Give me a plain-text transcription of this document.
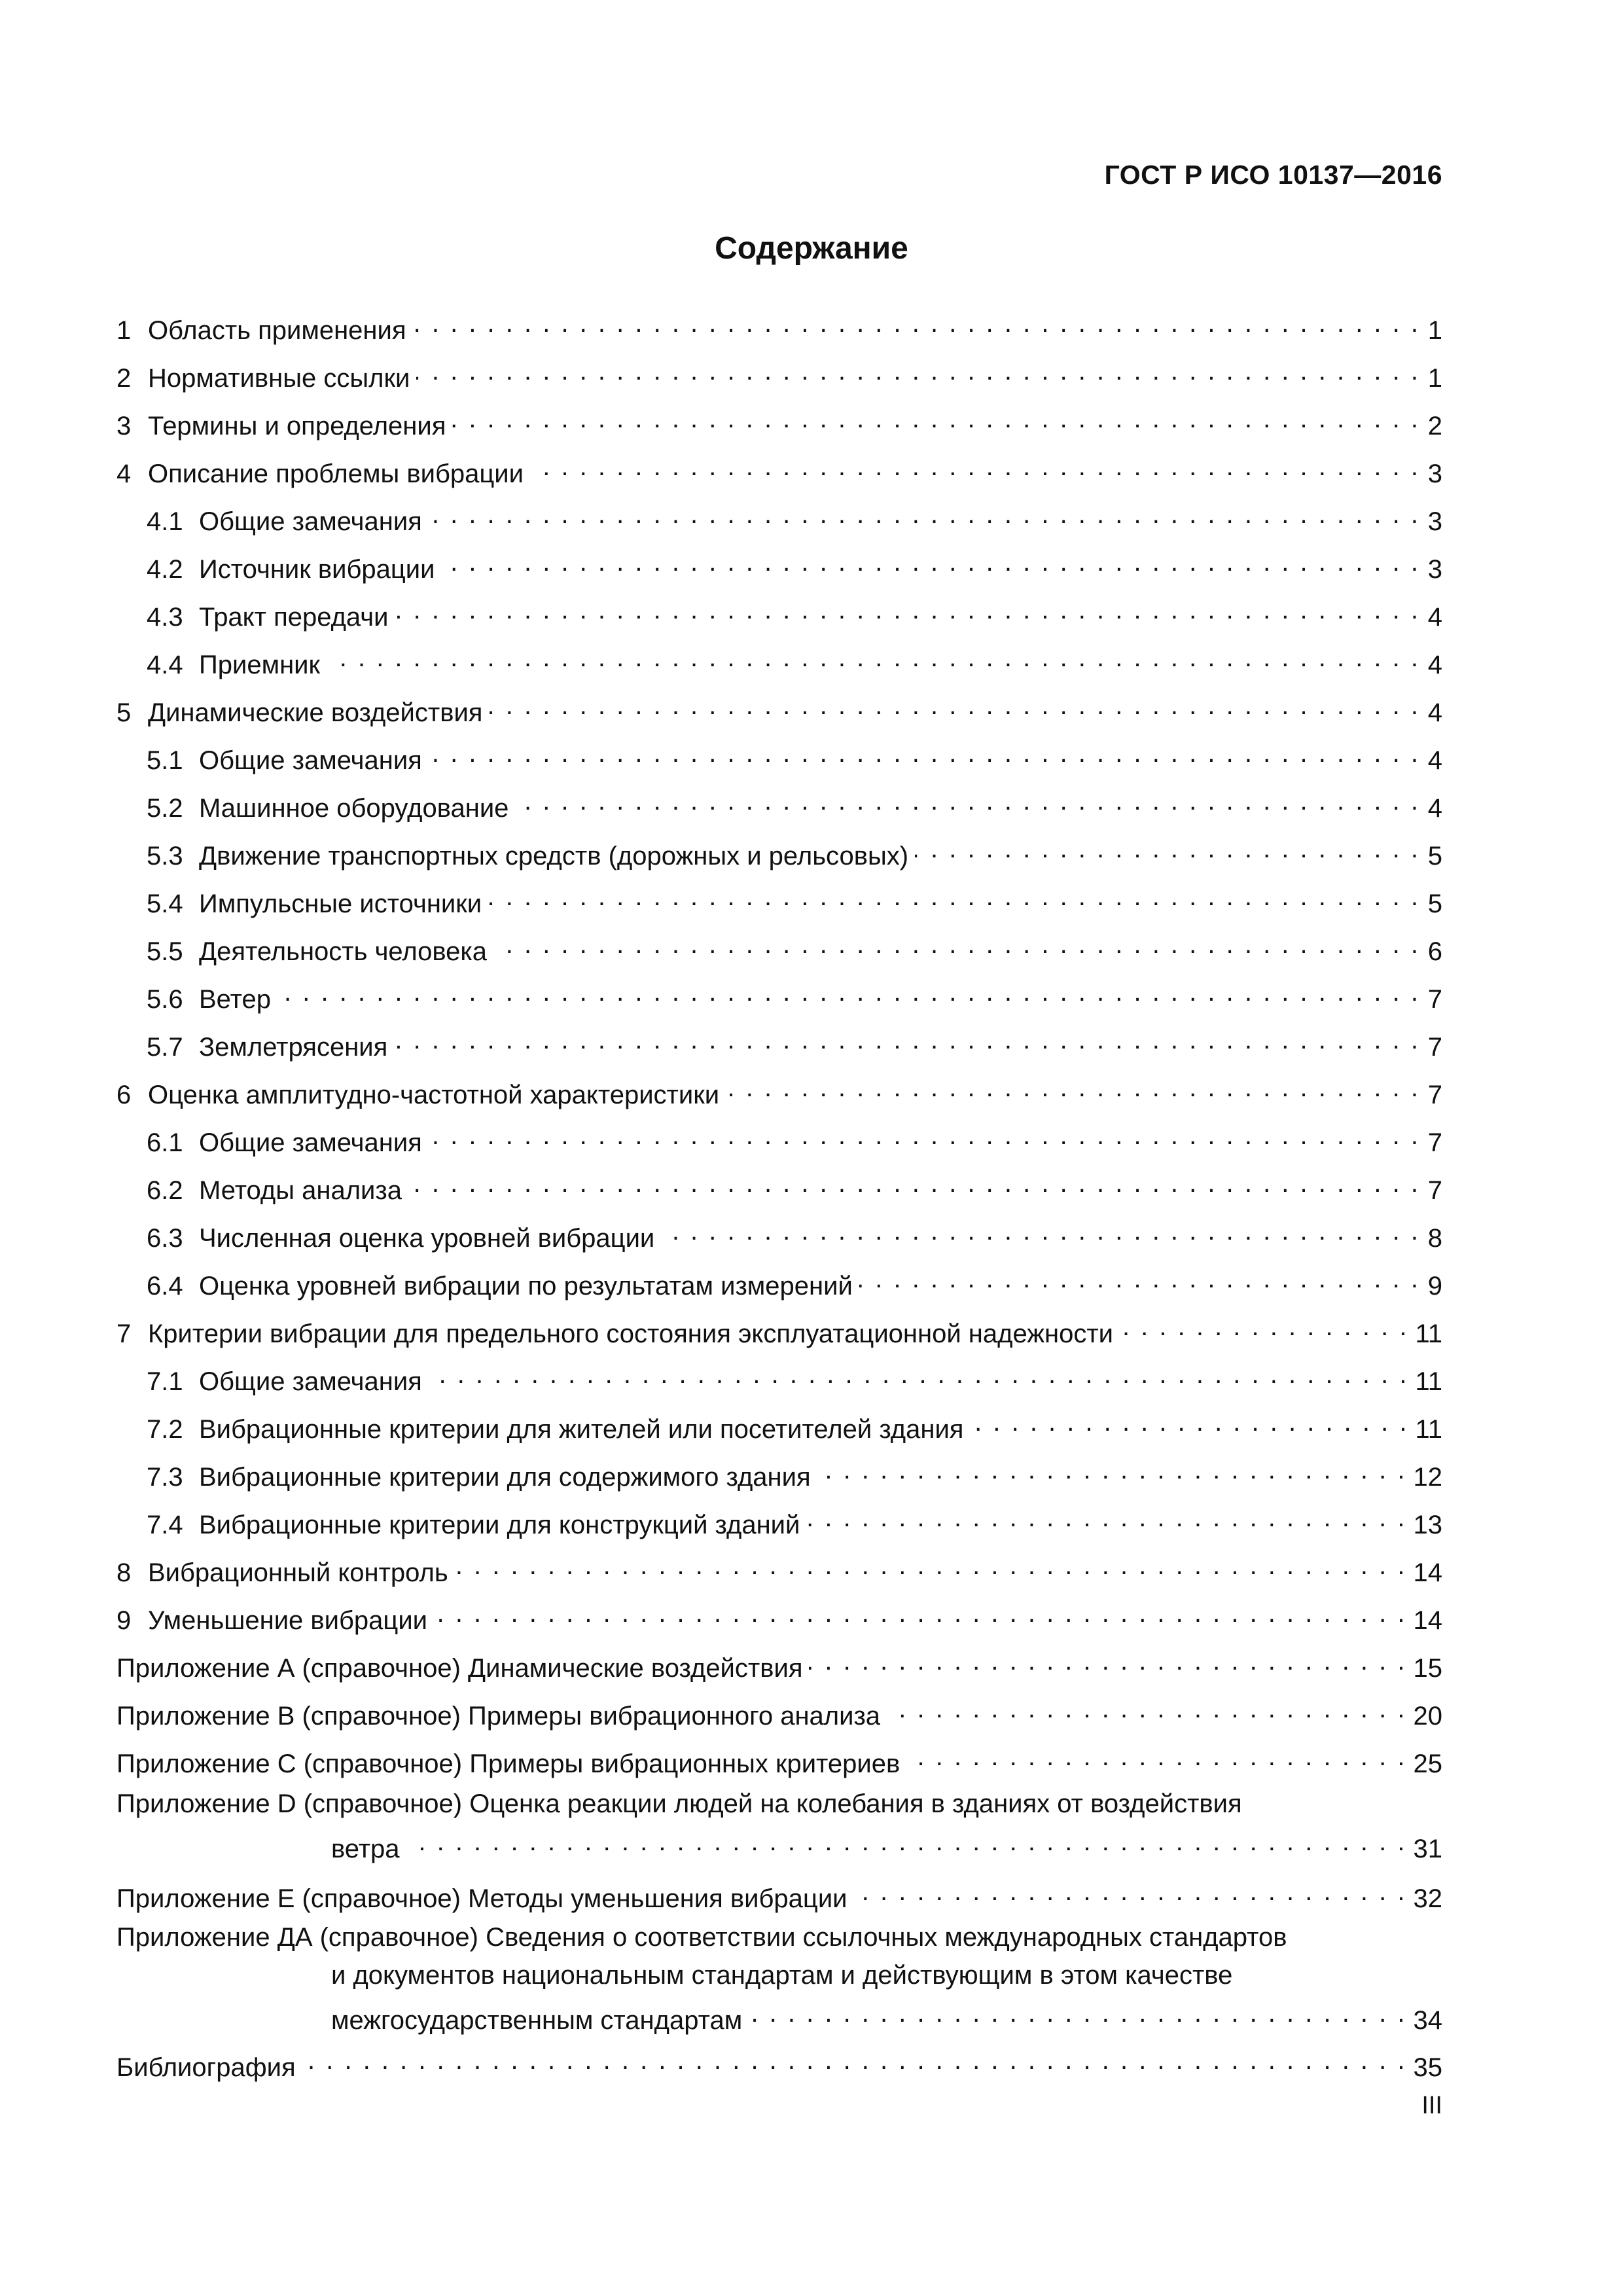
ГОСТ Р ИСО 10137—2016
Содержание
1 Область применения . . .	1
2 Нормативные ссылки . . .	1
3 Термины и определения . . .	2
4 Описание проблемы вибрации . . .	3
4.1 Общие замечания . . .	3
4.2 Источник вибрации . . .	3
4.3 Тракт передачи . . .	4
4.4 Приемник . . .	4
5 Динамические воздействия . . .	4
5.1 Общие замечания . . .	4
5.2 Машинное оборудование . . .	4
5.3 Движение транспортных средств (дорожных и рельсовых) . . .	5
5.4 Импульсные источники . . .	5
5.5 Деятельность человека . . .	6
5.6 Ветер . . .	7
5.7 Землетрясения . . .	7
6 Оценка амплитудно-частотной характеристики . . .	7
6.1 Общие замечания . . .	7
6.2 Методы анализа . . .	7
6.3 Численная оценка уровней вибрации . . .	8
6.4 Оценка уровней вибрации по результатам измерений . . .	9
7 Критерии вибрации для предельного состояния эксплуатационной надежности . . .	11
7.1 Общие замечания . . .	11
7.2 Вибрационные критерии для жителей или посетителей здания . . .	11
7.3 Вибрационные критерии для содержимого здания . . .	12
7.4 Вибрационные критерии для конструкций зданий . . .	13
8 Вибрационный контроль . . .	14
9 Уменьшение вибрации . . .	14
Приложение А (справочное) Динамические воздействия . . .	15
Приложение В (справочное) Примеры вибрационного анализа . . .	20
Приложение С (справочное) Примеры вибрационных критериев . . .	25
Приложение D (справочное) Оценка реакции людей на колебания в зданиях от воздействия
ветра . . .	31
Приложение Е (справочное) Методы уменьшения вибрации . . .	32
Приложение ДА (справочное) Сведения о соответствии ссылочных международных стандартов
и документов национальным стандартам и действующим в этом качестве
межгосударственным стандартам . . .	34
Библиография . . .	35
III
